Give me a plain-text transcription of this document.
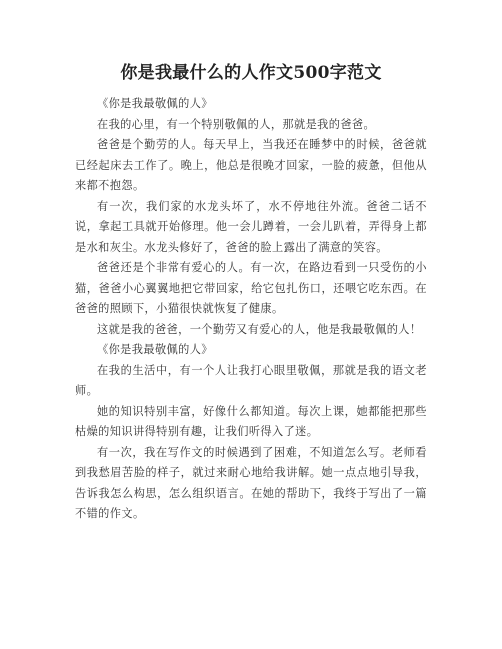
你是我最什么的人作文500字范文

《你是我最敬佩的人》

在我的心里，有一个特别敬佩的人，那就是我的爸爸。

爸爸是个勤劳的人。每天早上，当我还在睡梦中的时候，爸爸就已经起床去工作了。晚上，他总是很晚才回家，一脸的疲惫，但他从来都不抱怨。

有一次，我们家的水龙头坏了，水不停地往外流。爸爸二话不说，拿起工具就开始修理。他一会儿蹲着，一会儿趴着，弄得身上都是水和灰尘。水龙头修好了，爸爸的脸上露出了满意的笑容。

爸爸还是个非常有爱心的人。有一次，在路边看到一只受伤的小猫，爸爸小心翼翼地把它带回家，给它包扎伤口，还喂它吃东西。在爸爸的照顾下，小猫很快就恢复了健康。

这就是我的爸爸，一个勤劳又有爱心的人，他是我最敬佩的人！

《你是我最敬佩的人》

在我的生活中，有一个人让我打心眼里敬佩，那就是我的语文老师。

她的知识特别丰富，好像什么都知道。每次上课，她都能把那些枯燥的知识讲得特别有趣，让我们听得入了迷。

有一次，我在写作文的时候遇到了困难，不知道怎么写。老师看到我愁眉苦脸的样子，就过来耐心地给我讲解。她一点点地引导我，告诉我怎么构思，怎么组织语言。在她的帮助下，我终于写出了一篇不错的作文。
